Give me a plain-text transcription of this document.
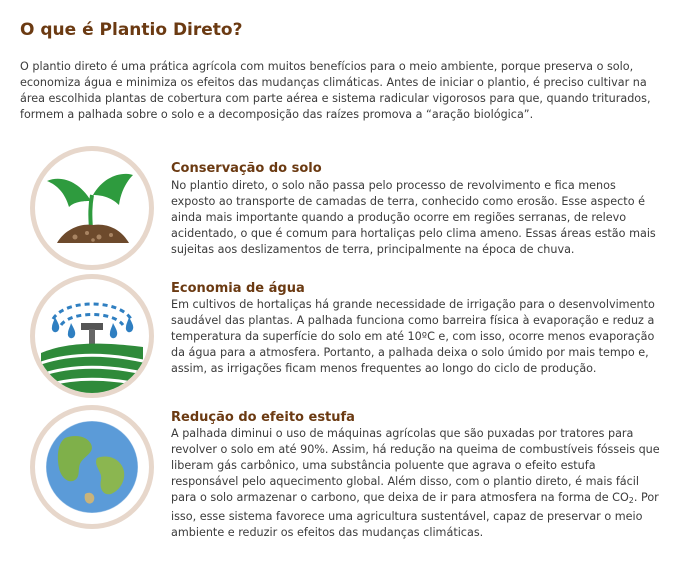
O que é Plantio Direto?

O plantio direto é uma prática agrícola com muitos benefícios para o meio ambiente, porque preserva o solo, economiza água e minimiza os efeitos das mudanças climáticas. Antes de iniciar o plantio, é preciso cultivar na área escolhida plantas de cobertura com parte aérea e sistema radicular vigorosos para que, quando triturados, formem a palhada sobre o solo e a decomposição das raízes promova a “aração biológica”.

Conservação do solo

No plantio direto, o solo não passa pelo processo de revolvimento e fica menos exposto ao transporte de camadas de terra, conhecido como erosão. Esse aspecto é ainda mais importante quando a produção ocorre em regiões serranas, de relevo acidentado, o que é comum para hortaliças pelo clima ameno. Essas áreas estão mais sujeitas aos deslizamentos de terra, principalmente na época de chuva.

Economia de água

Em cultivos de hortaliças há grande necessidade de irrigação para o desenvolvimento saudável das plantas. A palhada funciona como barreira física à evaporação e reduz a temperatura da superfície do solo em até 10ºC e, com isso, ocorre menos evaporação da água para a atmosfera. Portanto, a palhada deixa o solo úmido por mais tempo e, assim, as irrigações ficam menos frequentes ao longo do ciclo de produção.

Redução do efeito estufa

A palhada diminui o uso de máquinas agrícolas que são puxadas por tratores para revolver o solo em até 90%. Assim, há redução na queima de combustíveis fósseis que liberam gás carbônico, uma substância poluente que agrava o efeito estufa responsável pelo aquecimento global. Além disso, com o plantio direto, é mais fácil para o solo armazenar o carbono, que deixa de ir para atmosfera na forma de $CO_2$. Por isso, esse sistema favorece uma agricultura sustentável, capaz de preservar o meio ambiente e reduzir os efeitos das mudanças climáticas.
